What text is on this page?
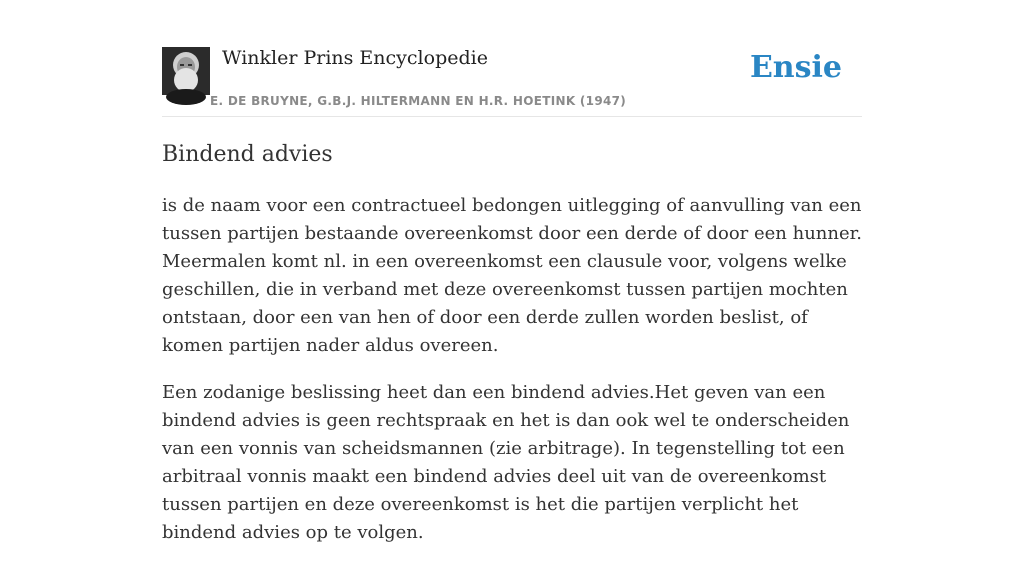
Winkler Prins Encyclopedie
E. DE BRUYNE, G.B.J. HILTERMANN EN H.R. HOETINK (1947)
Ensie
Bindend advies

is de naam voor een contractueel bedongen uitlegging of aanvulling van een tussen partijen bestaande overeenkomst door een derde of door een hunner. Meermalen komt nl. in een overeenkomst een clausule voor, volgens welke geschillen, die in verband met deze overeenkomst tussen partijen mochten ontstaan, door een van hen of door een derde zullen worden beslist, of komen partijen nader aldus overeen.

Een zodanige beslissing heet dan een bindend advies.Het geven van een bindend advies is geen rechtspraak en het is dan ook wel te onderscheiden van een vonnis van scheidsmannen (zie arbitrage). In tegenstelling tot een arbitraal vonnis maakt een bindend advies deel uit van de overeenkomst tussen partijen en deze overeenkomst is het die partijen verplicht het bindend advies op te volgen.
